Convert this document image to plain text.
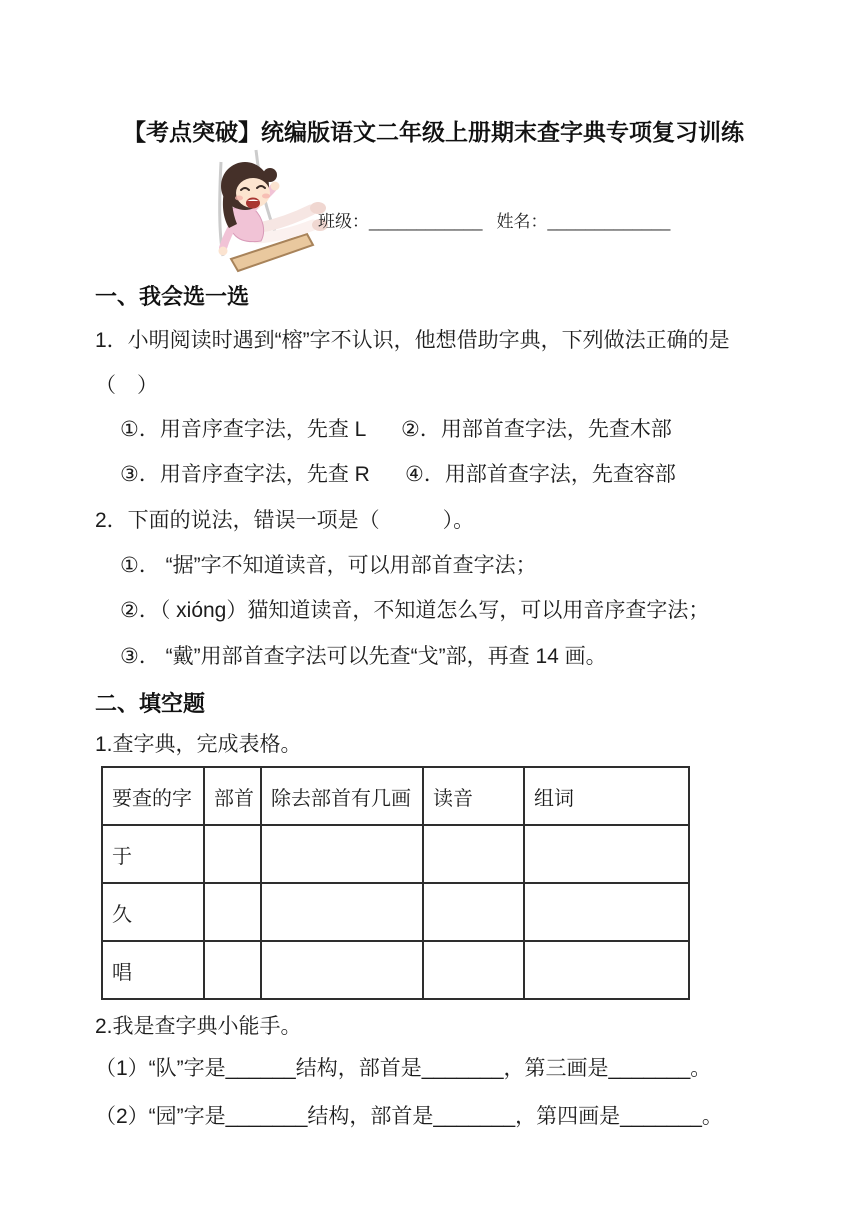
【考点突破】统编版语文二年级上册期末查字典专项复习训练
班级：____________ 姓名：_____________
一、我会选一选
1．小明阅读时遇到“榕”字不认识，他想借助字典，下列做法正确的是
（　）
①．用音序查字法，先查 L ②．用部首查字法，先查木部
③．用音序查字法，先查 R ④．用部首查字法，先查容部
2．下面的说法，错误一项是（　　　）。
①． “据”字不知道读音，可以用部首查字法；
②．（ xióng）猫知道读音，不知道怎么写，可以用音序查字法；
③． “戴”用部首查字法可以先查“戈”部，再查 14 画。
二、填空题
1.查字典，完成表格。
要查的字	部首	除去部首有几画	读音	组词
于				
久				
唱				
2.我是查字典小能手。
（1）“队”字是______结构，部首是_______，第三画是_______。
（2）“园”字是_______结构，部首是_______，第四画是_______。
